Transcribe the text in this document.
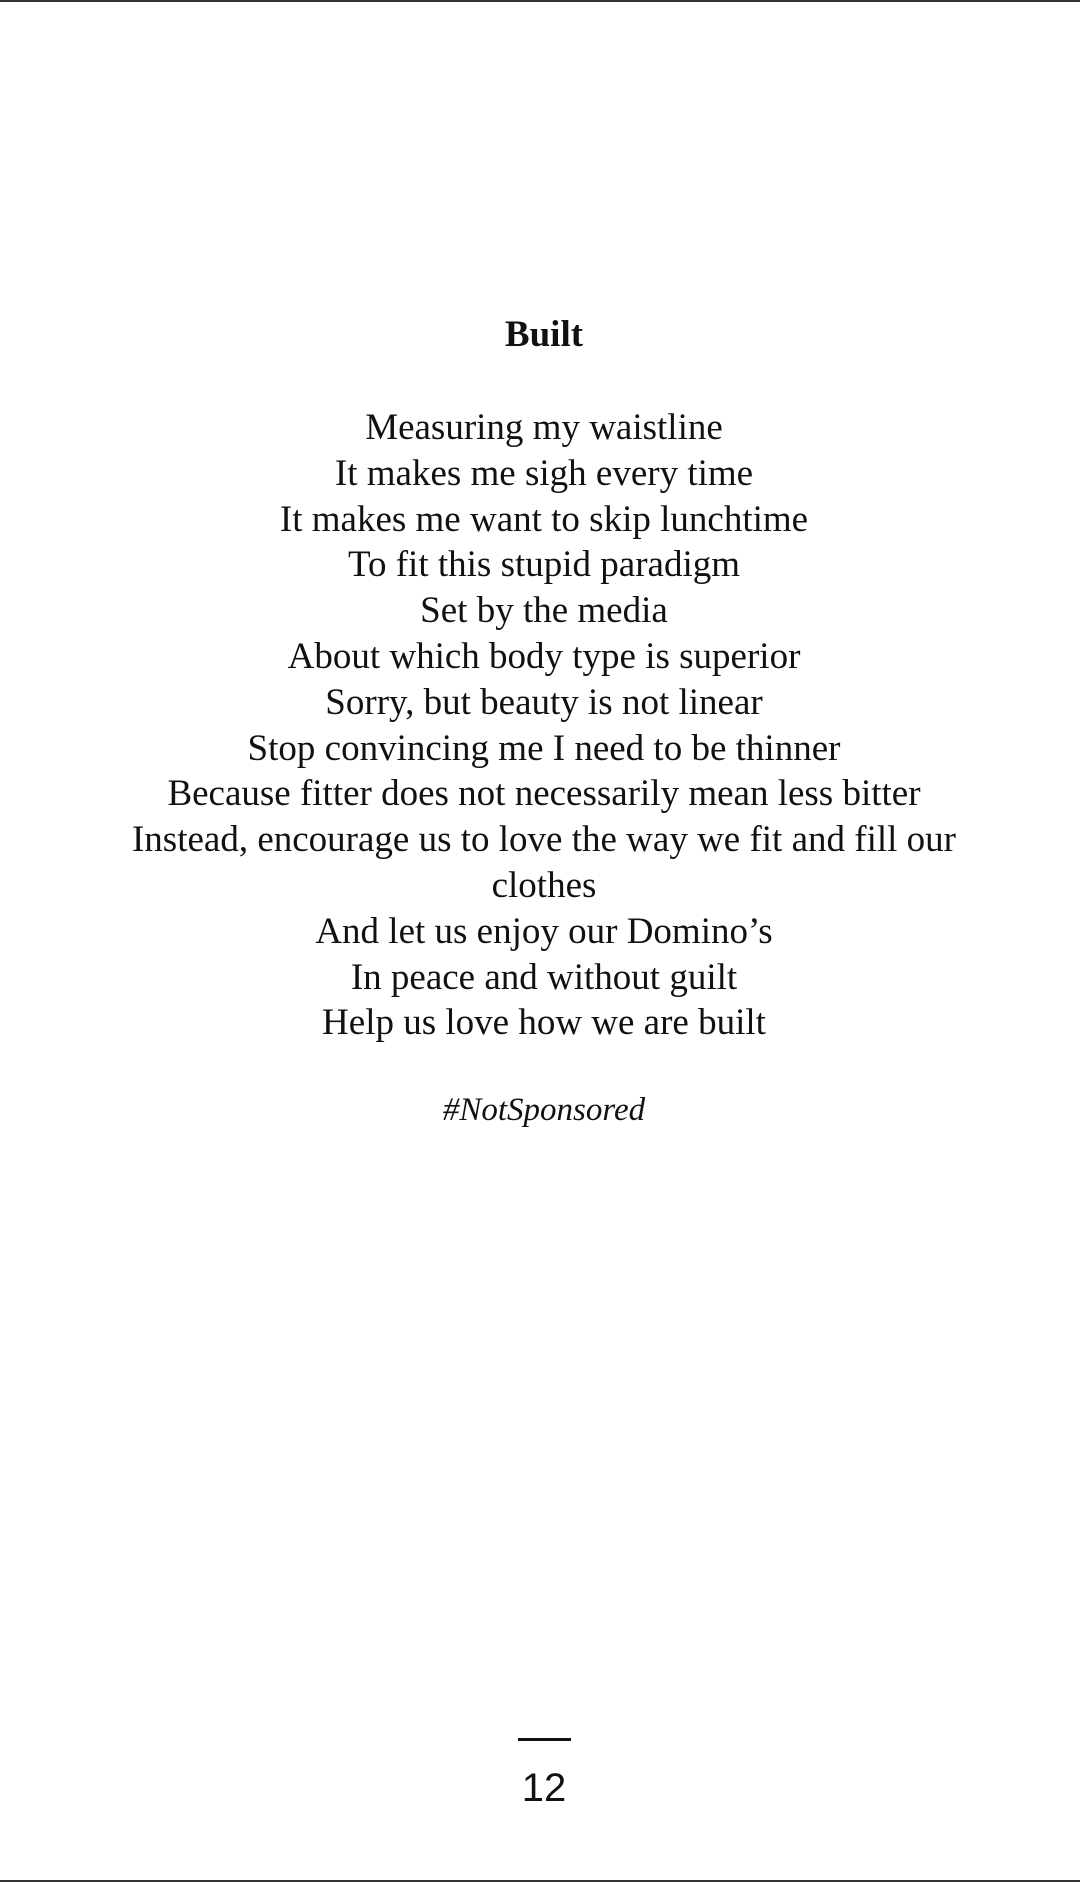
Built
Measuring my waistline
It makes me sigh every time
It makes me want to skip lunchtime
To fit this stupid paradigm
Set by the media
About which body type is superior
Sorry, but beauty is not linear
Stop convincing me I need to be thinner
Because fitter does not necessarily mean less bitter
Instead, encourage us to love the way we fit and fill our clothes
And let us enjoy our Domino’s
In peace and without guilt
Help us love how we are built
#NotSponsored
12
